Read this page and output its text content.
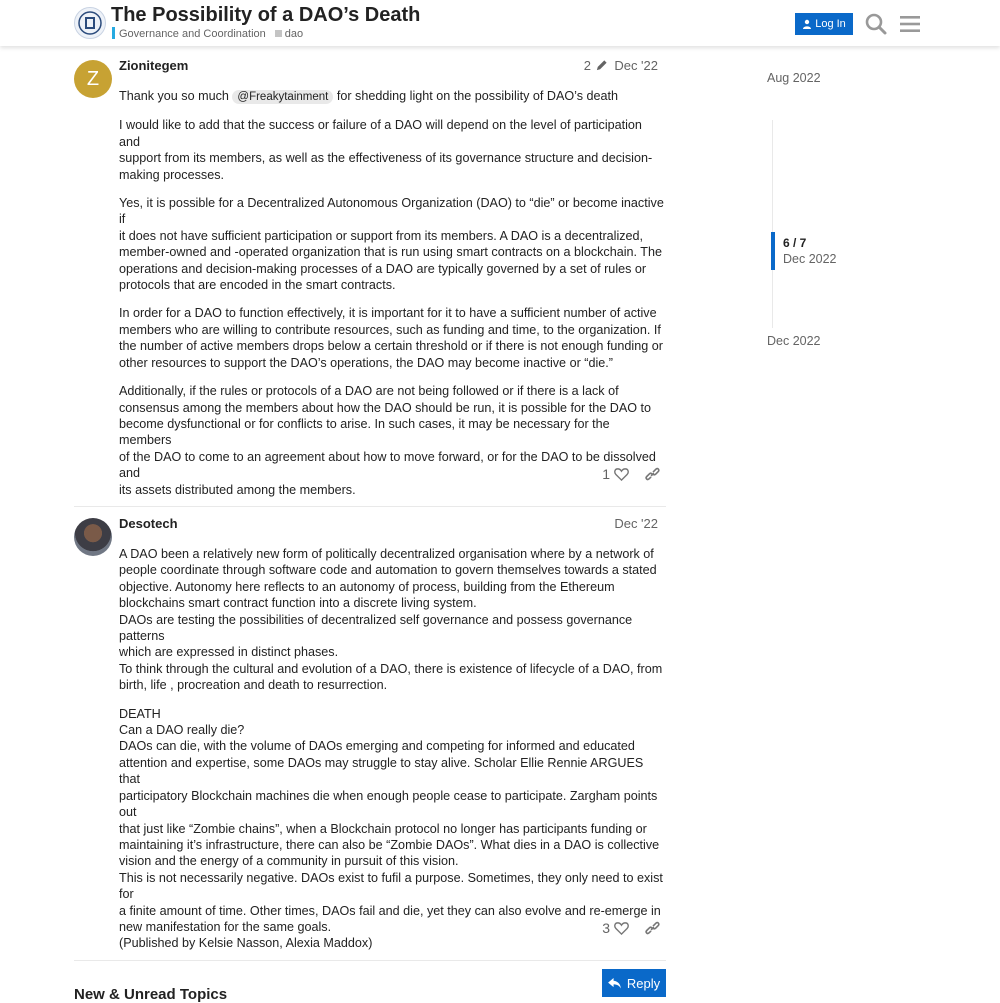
The Possibility of a DAO’s Death
Governance and Coordination dao
Log In
Z
Zionitegem	2 Dec '22

Thank you so much @Freakytainment for shedding light on the possibility of DAO’s death

I would like to add that the success or failure of a DAO will depend on the level of participation and
support from its members, as well as the effectiveness of its governance structure and decision-
making processes.

Yes, it is possible for a Decentralized Autonomous Organization (DAO) to “die” or become inactive if
it does not have sufficient participation or support from its members. A DAO is a decentralized,
member-owned and -operated organization that is run using smart contracts on a blockchain. The
operations and decision-making processes of a DAO are typically governed by a set of rules or
protocols that are encoded in the smart contracts.

In order for a DAO to function effectively, it is important for it to have a sufficient number of active
members who are willing to contribute resources, such as funding and time, to the organization. If
the number of active members drops below a certain threshold or if there is not enough funding or
other resources to support the DAO’s operations, the DAO may become inactive or “die.”

Additionally, if the rules or protocols of a DAO are not being followed or if there is a lack of
consensus among the members about how the DAO should be run, it is possible for the DAO to
become dysfunctional or for conflicts to arise. In such cases, it may be necessary for the members
of the DAO to come to an agreement about how to move forward, or for the DAO to be dissolved and
its assets distributed among the members.

1
Desotech	Dec '22

A DAO been a relatively new form of politically decentralized organisation where by a network of
people coordinate through software code and automation to govern themselves towards a stated
objective. Autonomy here reflects to an autonomy of process, building from the Ethereum
blockchains smart contract function into a discrete living system.
DAOs are testing the possibilities of decentralized self governance and possess governance patterns
which are expressed in distinct phases.
To think through the cultural and evolution of a DAO, there is existence of lifecycle of a DAO, from
birth, life , procreation and death to resurrection.

DEATH
Can a DAO really die?
DAOs can die, with the volume of DAOs emerging and competing for informed and educated
attention and expertise, some DAOs may struggle to stay alive. Scholar Ellie Rennie ARGUES that
participatory Blockchain machines die when enough people cease to participate. Zargham points out
that just like “Zombie chains”, when a Blockchain protocol no longer has participants funding or
maintaining it’s infrastructure, there can also be “Zombie DAOs”. What dies in a DAO is collective
vision and the energy of a community in pursuit of this vision.
This is not necessarily negative. DAOs exist to fufil a purpose. Sometimes, they only need to exist for
a finite amount of time. Other times, DAOs fail and die, yet they can also evolve and re-emerge in
new manifestation for the same goals.
(Published by Kelsie Nasson, Alexia Maddox)

3
Aug 2022
6 / 7
Dec 2022
Dec 2022
Reply
New & Unread Topics
